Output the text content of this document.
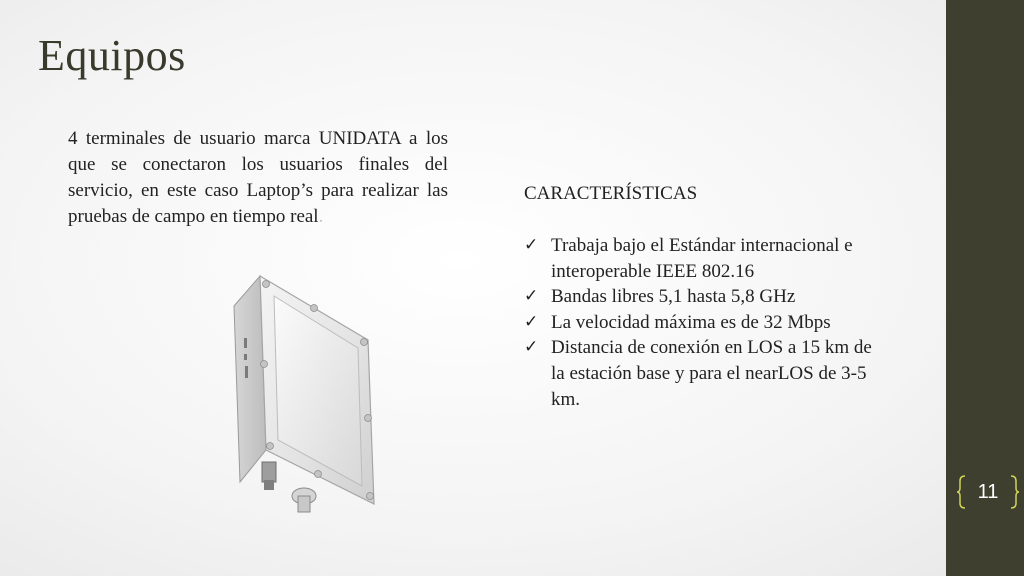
Equipos
4 terminales de usuario marca UNIDATA a los que se conectaron los usuarios finales del servicio, en este caso Laptop’s para realizar las pruebas de campo en tiempo real.
CARACTERÍSTICAS
✓ Trabaja bajo el Estándar internacional e interoperable IEEE 802.16
✓ Bandas libres 5,1 hasta 5,8 GHz
✓ La velocidad máxima es de 32 Mbps
✓ Distancia de conexión en LOS a 15 km de la estación base y para el nearLOS de 3-5 km.
11
